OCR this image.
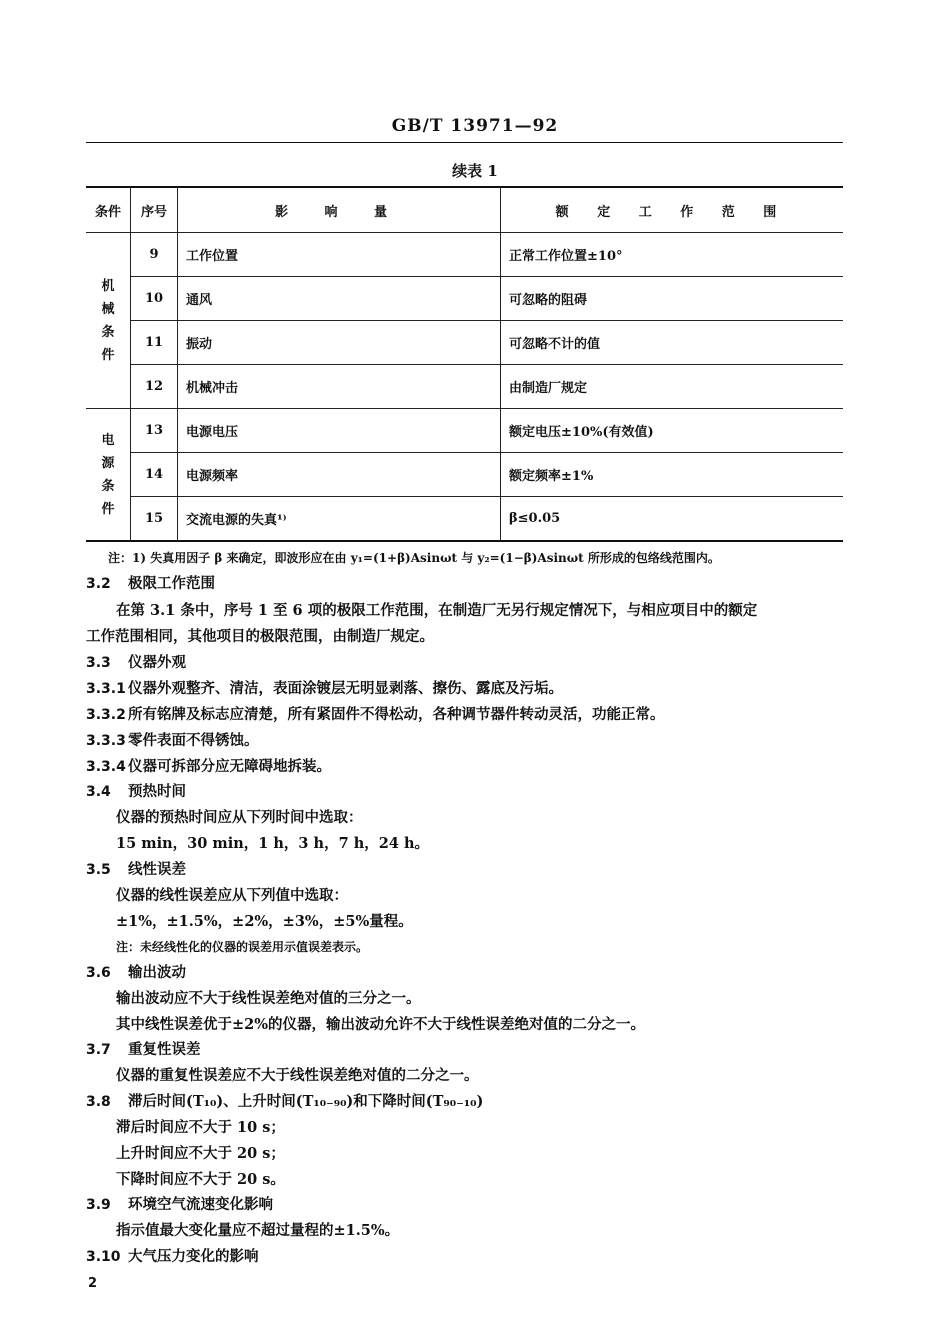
GB/T 13971—92
续表 1
条件	序号	影 响 量	额 定 工 作 范 围
机械条件	9	工作位置	正常工作位置±10°
	10	通风	可忽略的阻碍
	11	振动	可忽略不计的值
	12	机械冲击	由制造厂规定
电源条件	13	电源电压	额定电压±10%(有效值)
	14	电源频率	额定频率±1%
	15	交流电源的失真¹⁾	β≤0.05
注：1) 失真用因子 β 来确定，即波形应在由 y₁=(1+β)Asinωt 与 y₂=(1−β)Asinωt 所形成的包络线范围内。
3.2 极限工作范围
在第 3.1 条中，序号 1 至 6 项的极限工作范围，在制造厂无另行规定情况下，与相应项目中的额定
工作范围相同，其他项目的极限范围，由制造厂规定。
3.3 仪器外观
3.3.1 仪器外观整齐、清洁，表面涂镀层无明显剥落、擦伤、露底及污垢。
3.3.2 所有铭牌及标志应清楚，所有紧固件不得松动，各种调节器件转动灵活，功能正常。
3.3.3 零件表面不得锈蚀。
3.3.4 仪器可拆部分应无障碍地拆装。
3.4 预热时间
仪器的预热时间应从下列时间中选取：
15 min，30 min，1 h，3 h，7 h，24 h。
3.5 线性误差
仪器的线性误差应从下列值中选取：
±1%，±1.5%，±2%，±3%，±5%量程。
注：未经线性化的仪器的误差用示值误差表示。
3.6 输出波动
输出波动应不大于线性误差绝对值的三分之一。
其中线性误差优于±2%的仪器，输出波动允许不大于线性误差绝对值的二分之一。
3.7 重复性误差
仪器的重复性误差应不大于线性误差绝对值的二分之一。
3.8 滞后时间(T₁₀)、上升时间(T₁₀₋₉₀)和下降时间(T₉₀₋₁₀)
滞后时间应不大于 10 s；
上升时间应不大于 20 s；
下降时间应不大于 20 s。
3.9 环境空气流速变化影响
指示值最大变化量应不超过量程的±1.5%。
3.10 大气压力变化的影响
2
